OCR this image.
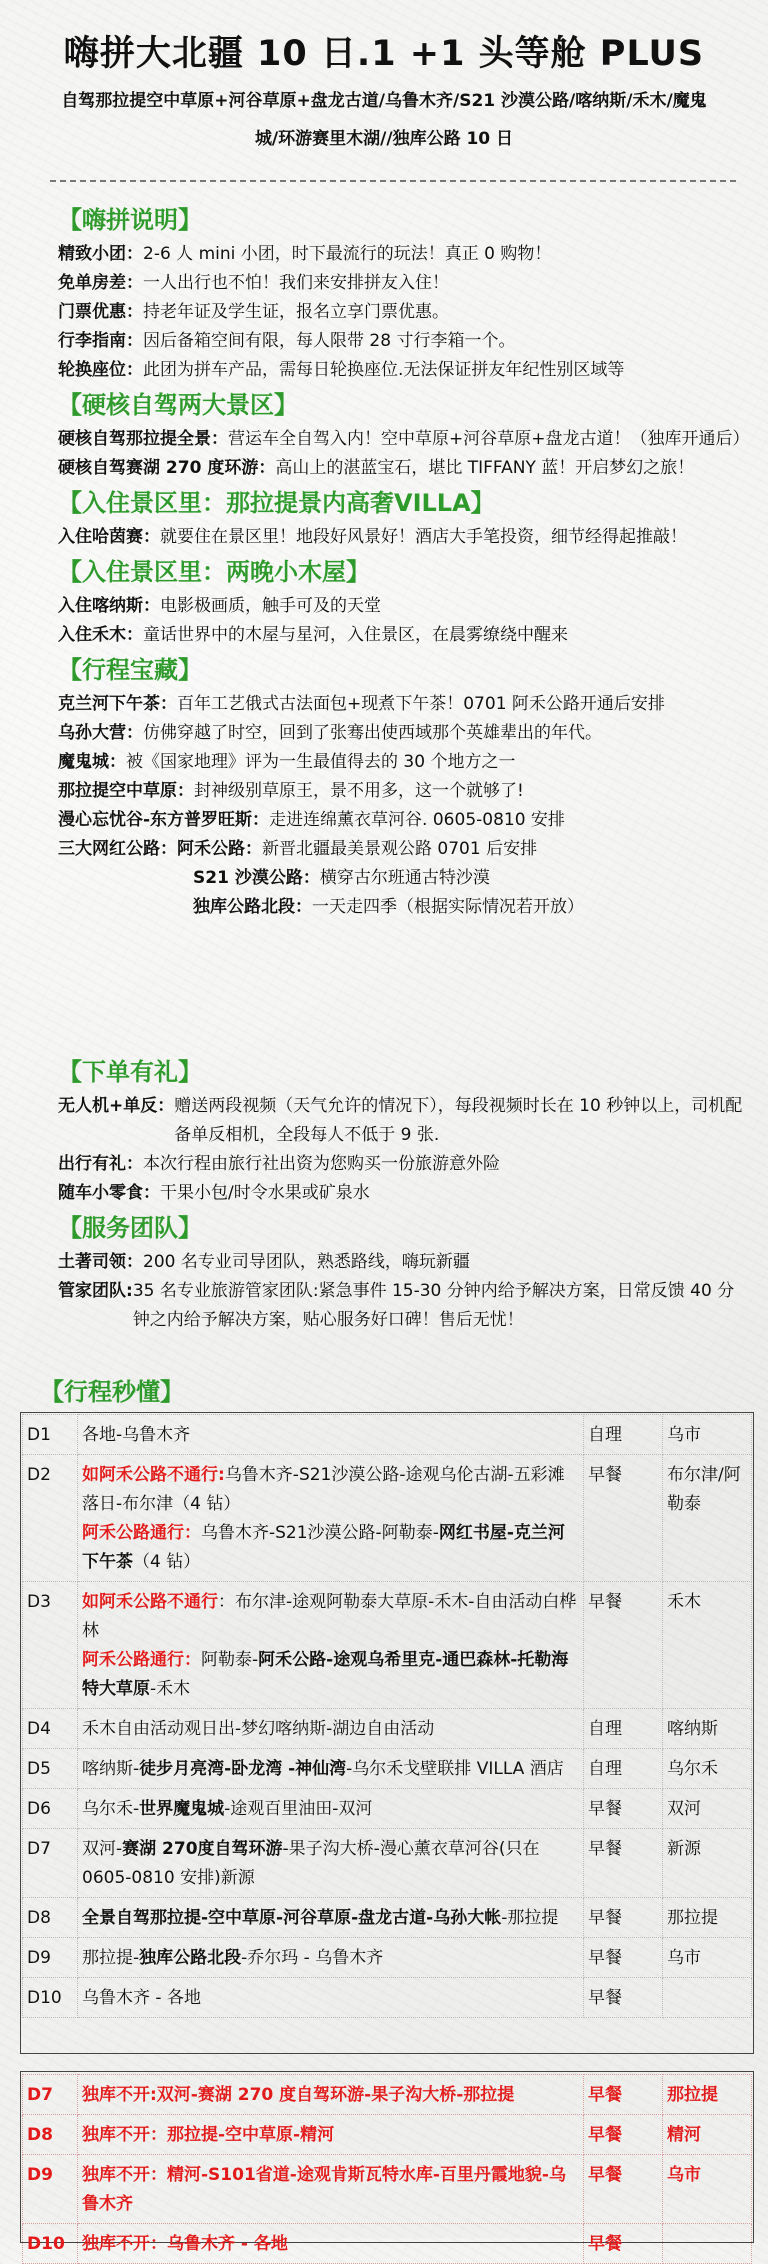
嗨拼大北疆 10 日.1 +1 头等舱 PLUS
自驾那拉提空中草原+河谷草原+盘龙古道/乌鲁木齐/S21 沙漠公路/喀纳斯/禾木/魔鬼
城/环游赛里木湖//独库公路 10 日
【嗨拼说明】
精致小团： 2-6 人 mini 小团，时下最流行的玩法！真正 0 购物！
免单房差： 一人出行也不怕！我们来安排拼友入住！
门票优惠： 持老年证及学生证，报名立享门票优惠。
行李指南： 因后备箱空间有限，每人限带 28 寸行李箱一个。
轮换座位： 此团为拼车产品，需每日轮换座位.无法保证拼友年纪性别区域等
【硬核自驾两大景区】
硬核自驾那拉提全景： 营运车全自驾入内！空中草原+河谷草原+盘龙古道！（独库开通后）
硬核自驾赛湖 270 度环游： 高山上的湛蓝宝石，堪比 TIFFANY 蓝！开启梦幻之旅！
【入住景区里：那拉提景内高奢VILLA】
入住哈茵赛： 就要住在景区里！地段好风景好！酒店大手笔投资，细节经得起推敲！
【入住景区里：两晚小木屋】
入住喀纳斯： 电影极画质，触手可及的天堂
入住禾木： 童话世界中的木屋与星河，入住景区，在晨雾缭绕中醒来
【行程宝藏】
克兰河下午茶： 百年工艺俄式古法面包+现煮下午茶！0701 阿禾公路开通后安排
乌孙大营： 仿佛穿越了时空，回到了张骞出使西域那个英雄辈出的年代。
魔鬼城： 被《国家地理》评为一生最值得去的 30 个地方之一
那拉提空中草原： 封神级别草原王，景不用多，这一个就够了!
漫心忘忧谷-东方普罗旺斯： 走进连绵薰衣草河谷. 0605-0810 安排
三大网红公路： 阿禾公路： 新晋北疆最美景观公路 0701 后安排
S21 沙漠公路： 横穿古尔班通古特沙漠
独库公路北段： 一天走四季（根据实际情况若开放）
【下单有礼】
无人机+单反： 赠送两段视频（天气允许的情况下），每段视频时长在 10 秒钟以上，司机配备单反相机，全段每人不低于 9 张.
出行有礼： 本次行程由旅行社出资为您购买一份旅游意外险
随车小零食： 干果小包/时令水果或矿泉水
【服务团队】
土著司领： 200 名专业司导团队，熟悉路线，嗨玩新疆
管家团队: 35 名专业旅游管家团队:紧急事件 15-30 分钟内给予解决方案，日常反馈 40 分钟之内给予解决方案，贴心服务好口碑！售后无忧！
【行程秒懂】
D1	各地-乌鲁木齐	自理	乌市
D2	如阿禾公路不通行:乌鲁木齐-S21沙漠公路-途观乌伦古湖-五彩滩落日-布尔津（4 钻）
阿禾公路通行：乌鲁木齐-S21沙漠公路-阿勒泰-网红书屋-克兰河下午茶（4 钻）	早餐	布尔津/阿勒泰
D3	如阿禾公路不通行：布尔津-途观阿勒泰大草原-禾木-自由活动白桦林
阿禾公路通行：阿勒泰-阿禾公路-途观乌希里克-通巴森林-托勒海特大草原-禾木	早餐	禾木
D4	禾木自由活动观日出-梦幻喀纳斯-湖边自由活动	自理	喀纳斯
D5	喀纳斯-徒步月亮湾-卧龙湾 -神仙湾-乌尔禾戈壁联排 VILLA 酒店	自理	乌尔禾
D6	乌尔禾-世界魔鬼城-途观百里油田-双河	早餐	双河
D7	双河-赛湖 270度自驾环游-果子沟大桥-漫心薰衣草河谷(只在 0605-0810 安排)新源	早餐	新源
D8	全景自驾那拉提-空中草原-河谷草原-盘龙古道-乌孙大帐-那拉提	早餐	那拉提
D9	那拉提-独库公路北段-乔尔玛 - 乌鲁木齐	早餐	乌市
D10	乌鲁木齐 - 各地	早餐	
D7	独库不开:双河-赛湖 270 度自驾环游-果子沟大桥-那拉提	早餐	那拉提
D8	独库不开：那拉提-空中草原-精河	早餐	精河
D9	独库不开：精河-S101省道-途观肯斯瓦特水库-百里丹霞地貌-乌鲁木齐	早餐	乌市
D10	独库不开：乌鲁木齐 - 各地	早餐	
